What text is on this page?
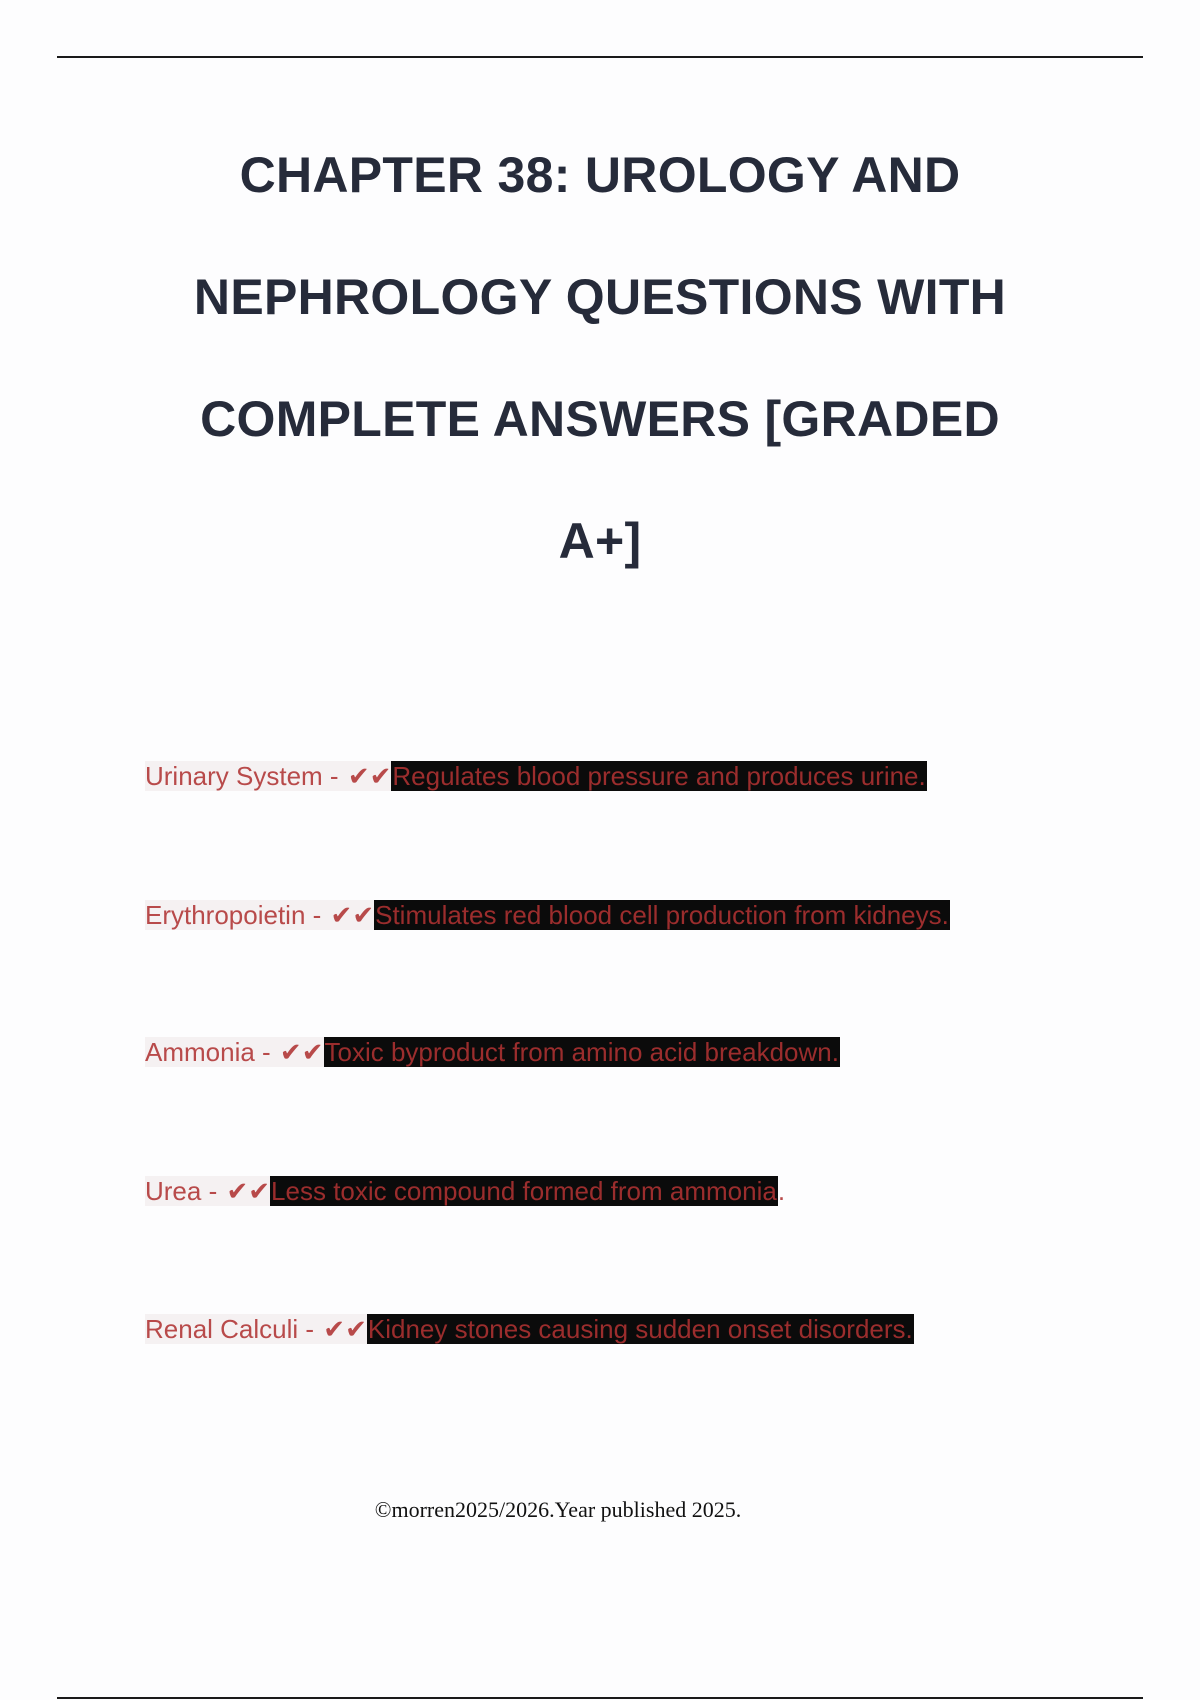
CHAPTER 38: UROLOGY AND
NEPHROLOGY QUESTIONS WITH
COMPLETE ANSWERS [GRADED
A+]
Urinary System - ✔✔Regulates blood pressure and produces urine.
Erythropoietin - ✔✔Stimulates red blood cell production from kidneys.
Ammonia - ✔✔Toxic byproduct from amino acid breakdown.
Urea - ✔✔Less toxic compound formed from ammonia.
Renal Calculi - ✔✔Kidney stones causing sudden onset disorders.
©morren2025/2026.Year published 2025.
